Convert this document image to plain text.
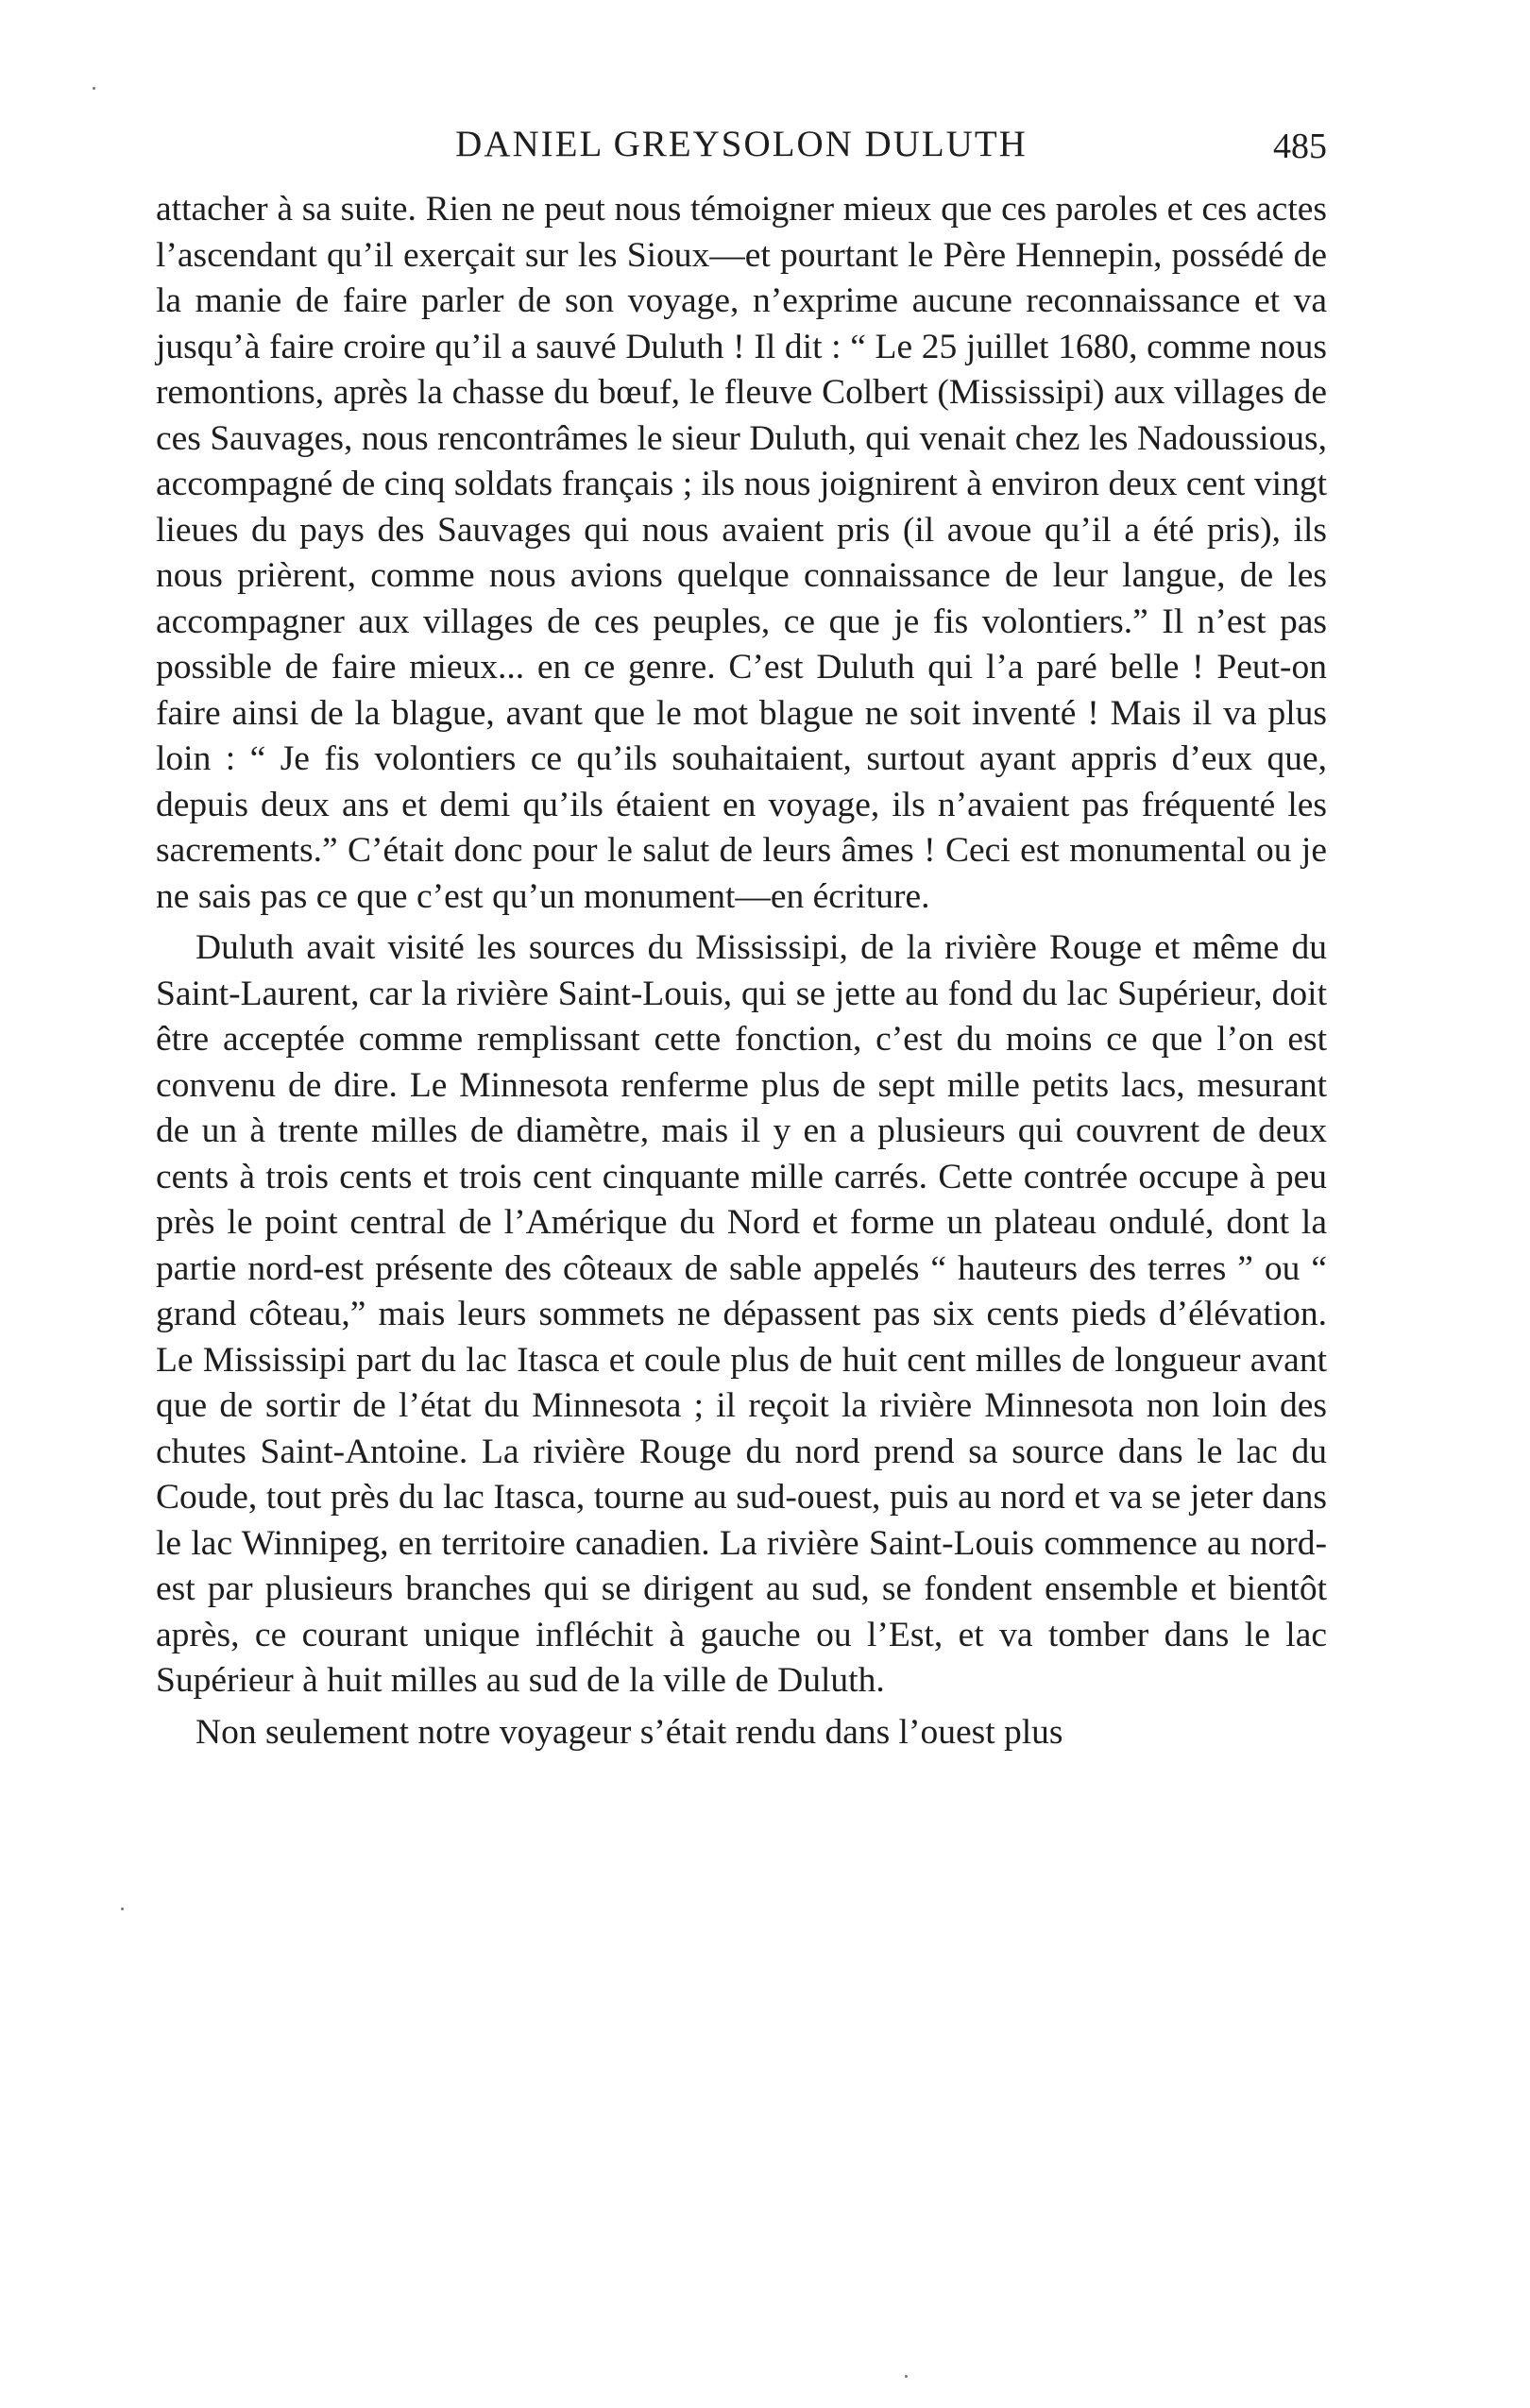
DANIEL GREYSOLON DULUTH	485

attacher à sa suite. Rien ne peut nous témoigner mieux que ces paroles et ces actes l’ascendant qu’il exerçait sur les Sioux—et pourtant le Père Hennepin, possédé de la manie de faire parler de son voyage, n’exprime aucune reconnaissance et va jusqu’à faire croire qu’il a sauvé Duluth ! Il dit : “ Le 25 juillet 1680, comme nous remontions, après la chasse du bœuf, le fleuve Colbert (Mississipi) aux villages de ces Sauvages, nous rencontrâmes le sieur Duluth, qui venait chez les Nadoussious, accompagné de cinq soldats français ; ils nous joignirent à environ deux cent vingt lieues du pays des Sauvages qui nous avaient pris (il avoue qu’il a été pris), ils nous prièrent, comme nous avions quelque connaissance de leur langue, de les accompagner aux villages de ces peuples, ce que je fis volontiers.” Il n’est pas possible de faire mieux... en ce genre. C’est Duluth qui l’a paré belle ! Peut-on faire ainsi de la blague, avant que le mot blague ne soit inventé ! Mais il va plus loin : “ Je fis volontiers ce qu’ils souhaitaient, surtout ayant appris d’eux que, depuis deux ans et demi qu’ils étaient en voyage, ils n’avaient pas fréquenté les sacrements.” C’était donc pour le salut de leurs âmes ! Ceci est monumental ou je ne sais pas ce que c’est qu’un monument—en écriture.

Duluth avait visité les sources du Mississipi, de la rivière Rouge et même du Saint-Laurent, car la rivière Saint-Louis, qui se jette au fond du lac Supérieur, doit être acceptée comme remplissant cette fonction, c’est du moins ce que l’on est convenu de dire. Le Minnesota renferme plus de sept mille petits lacs, mesurant de un à trente milles de diamètre, mais il y en a plusieurs qui couvrent de deux cents à trois cents et trois cent cinquante mille carrés. Cette contrée occupe à peu près le point central de l’Amérique du Nord et forme un plateau ondulé, dont la partie nord-est présente des côteaux de sable appelés “ hauteurs des terres ” ou “ grand côteau,” mais leurs sommets ne dépassent pas six cents pieds d’élévation. Le Mississipi part du lac Itasca et coule plus de huit cent milles de longueur avant que de sortir de l’état du Minnesota ; il reçoit la rivière Minnesota non loin des chutes Saint-Antoine. La rivière Rouge du nord prend sa source dans le lac du Coude, tout près du lac Itasca, tourne au sud-ouest, puis au nord et va se jeter dans le lac Winnipeg, en territoire canadien. La rivière Saint-Louis commence au nord-est par plusieurs branches qui se dirigent au sud, se fondent ensemble et bientôt après, ce courant unique infléchit à gauche ou l’Est, et va tomber dans le lac Supérieur à huit milles au sud de la ville de Duluth.

Non seulement notre voyageur s’était rendu dans l’ouest plus
